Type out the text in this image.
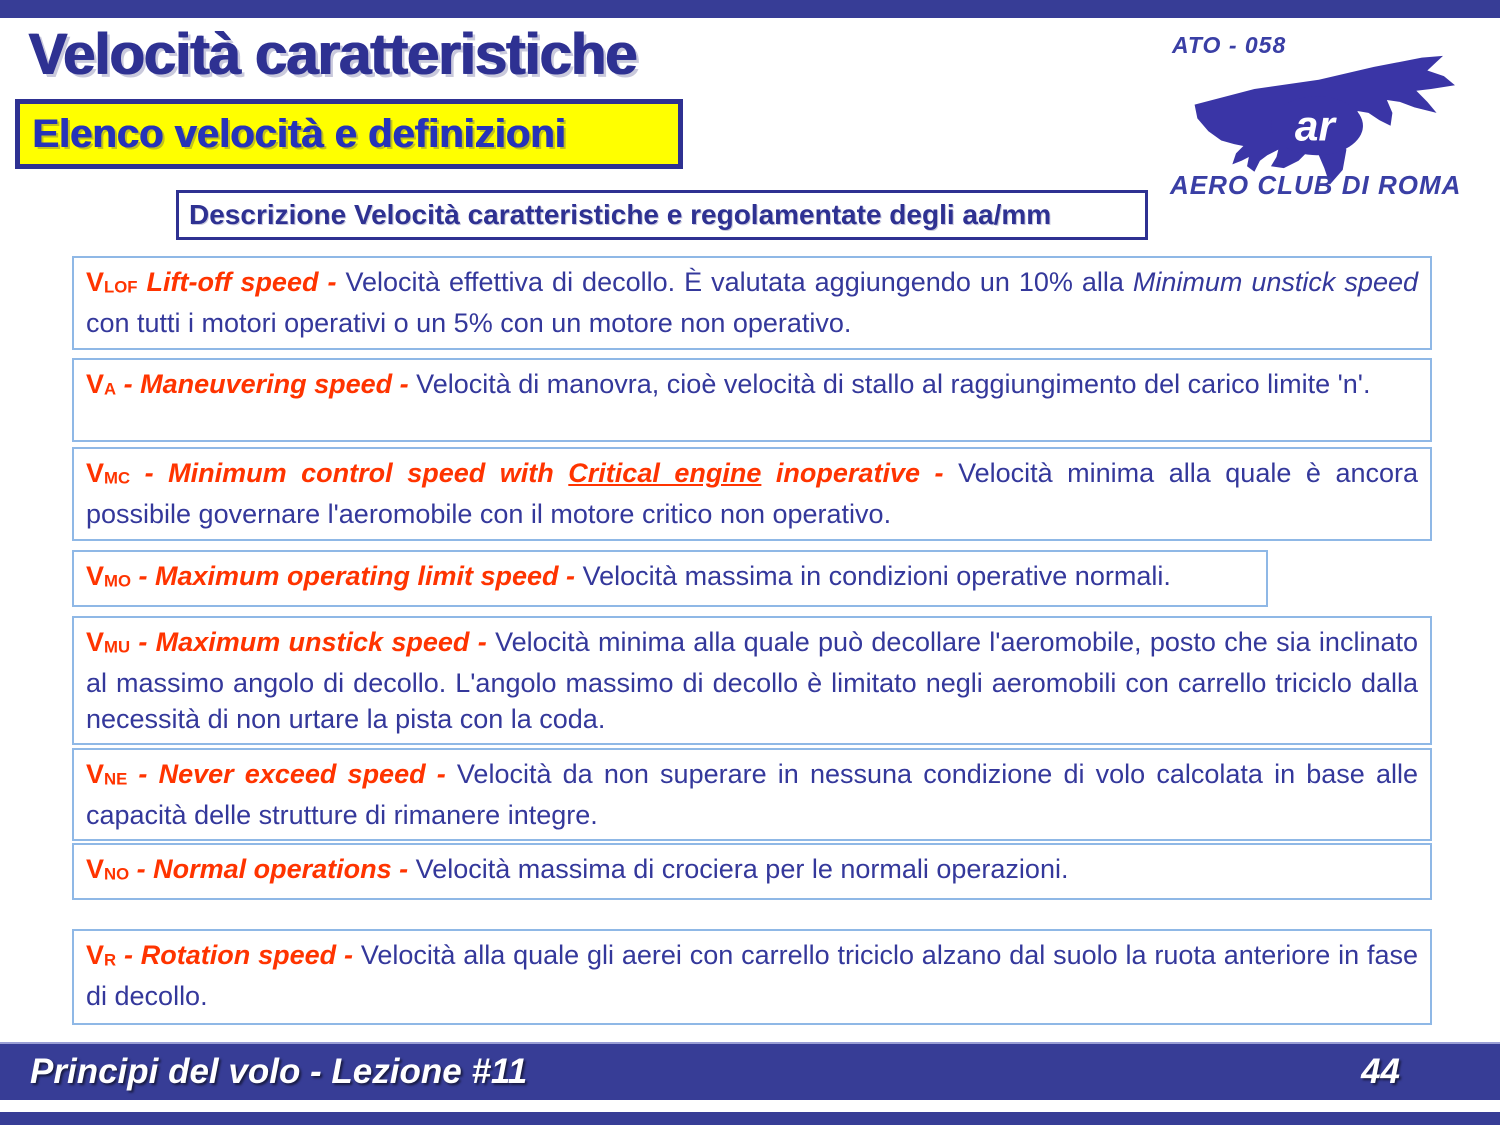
Velocità caratteristiche
Elenco velocità e definizioni
ATO - 058
ar
AERO CLUB DI ROMA
Descrizione Velocità caratteristiche e regolamentate degli aa/mm

VLOF Lift-off speed - Velocità effettiva di decollo. È valutata aggiungendo un 10% alla Minimum unstick speed con tutti i motori operativi o un 5% con un motore non operativo.

VA - Maneuvering speed - Velocità di manovra, cioè velocità di stallo al raggiungimento del carico limite 'n'.

VMC - Minimum control speed with Critical engine inoperative - Velocità minima alla quale è ancora possibile governare l'aeromobile con il motore critico non operativo.

VMO - Maximum operating limit speed - Velocità massima in condizioni operative normali.

VMU - Maximum unstick speed - Velocità minima alla quale può decollare l'aeromobile, posto che sia inclinato al massimo angolo di decollo. L'angolo massimo di decollo è limitato negli aeromobili con carrello triciclo dalla necessità di non urtare la pista con la coda.

VNE - Never exceed speed - Velocità da non superare in nessuna condizione di volo calcolata in base alle capacità delle strutture di rimanere integre.

VNO - Normal operations - Velocità massima di crociera per le normali operazioni.

VR - Rotation speed - Velocità alla quale gli aerei con carrello triciclo alzano dal suolo la ruota anteriore in fase di decollo.

Principi del volo - Lezione #11	44
